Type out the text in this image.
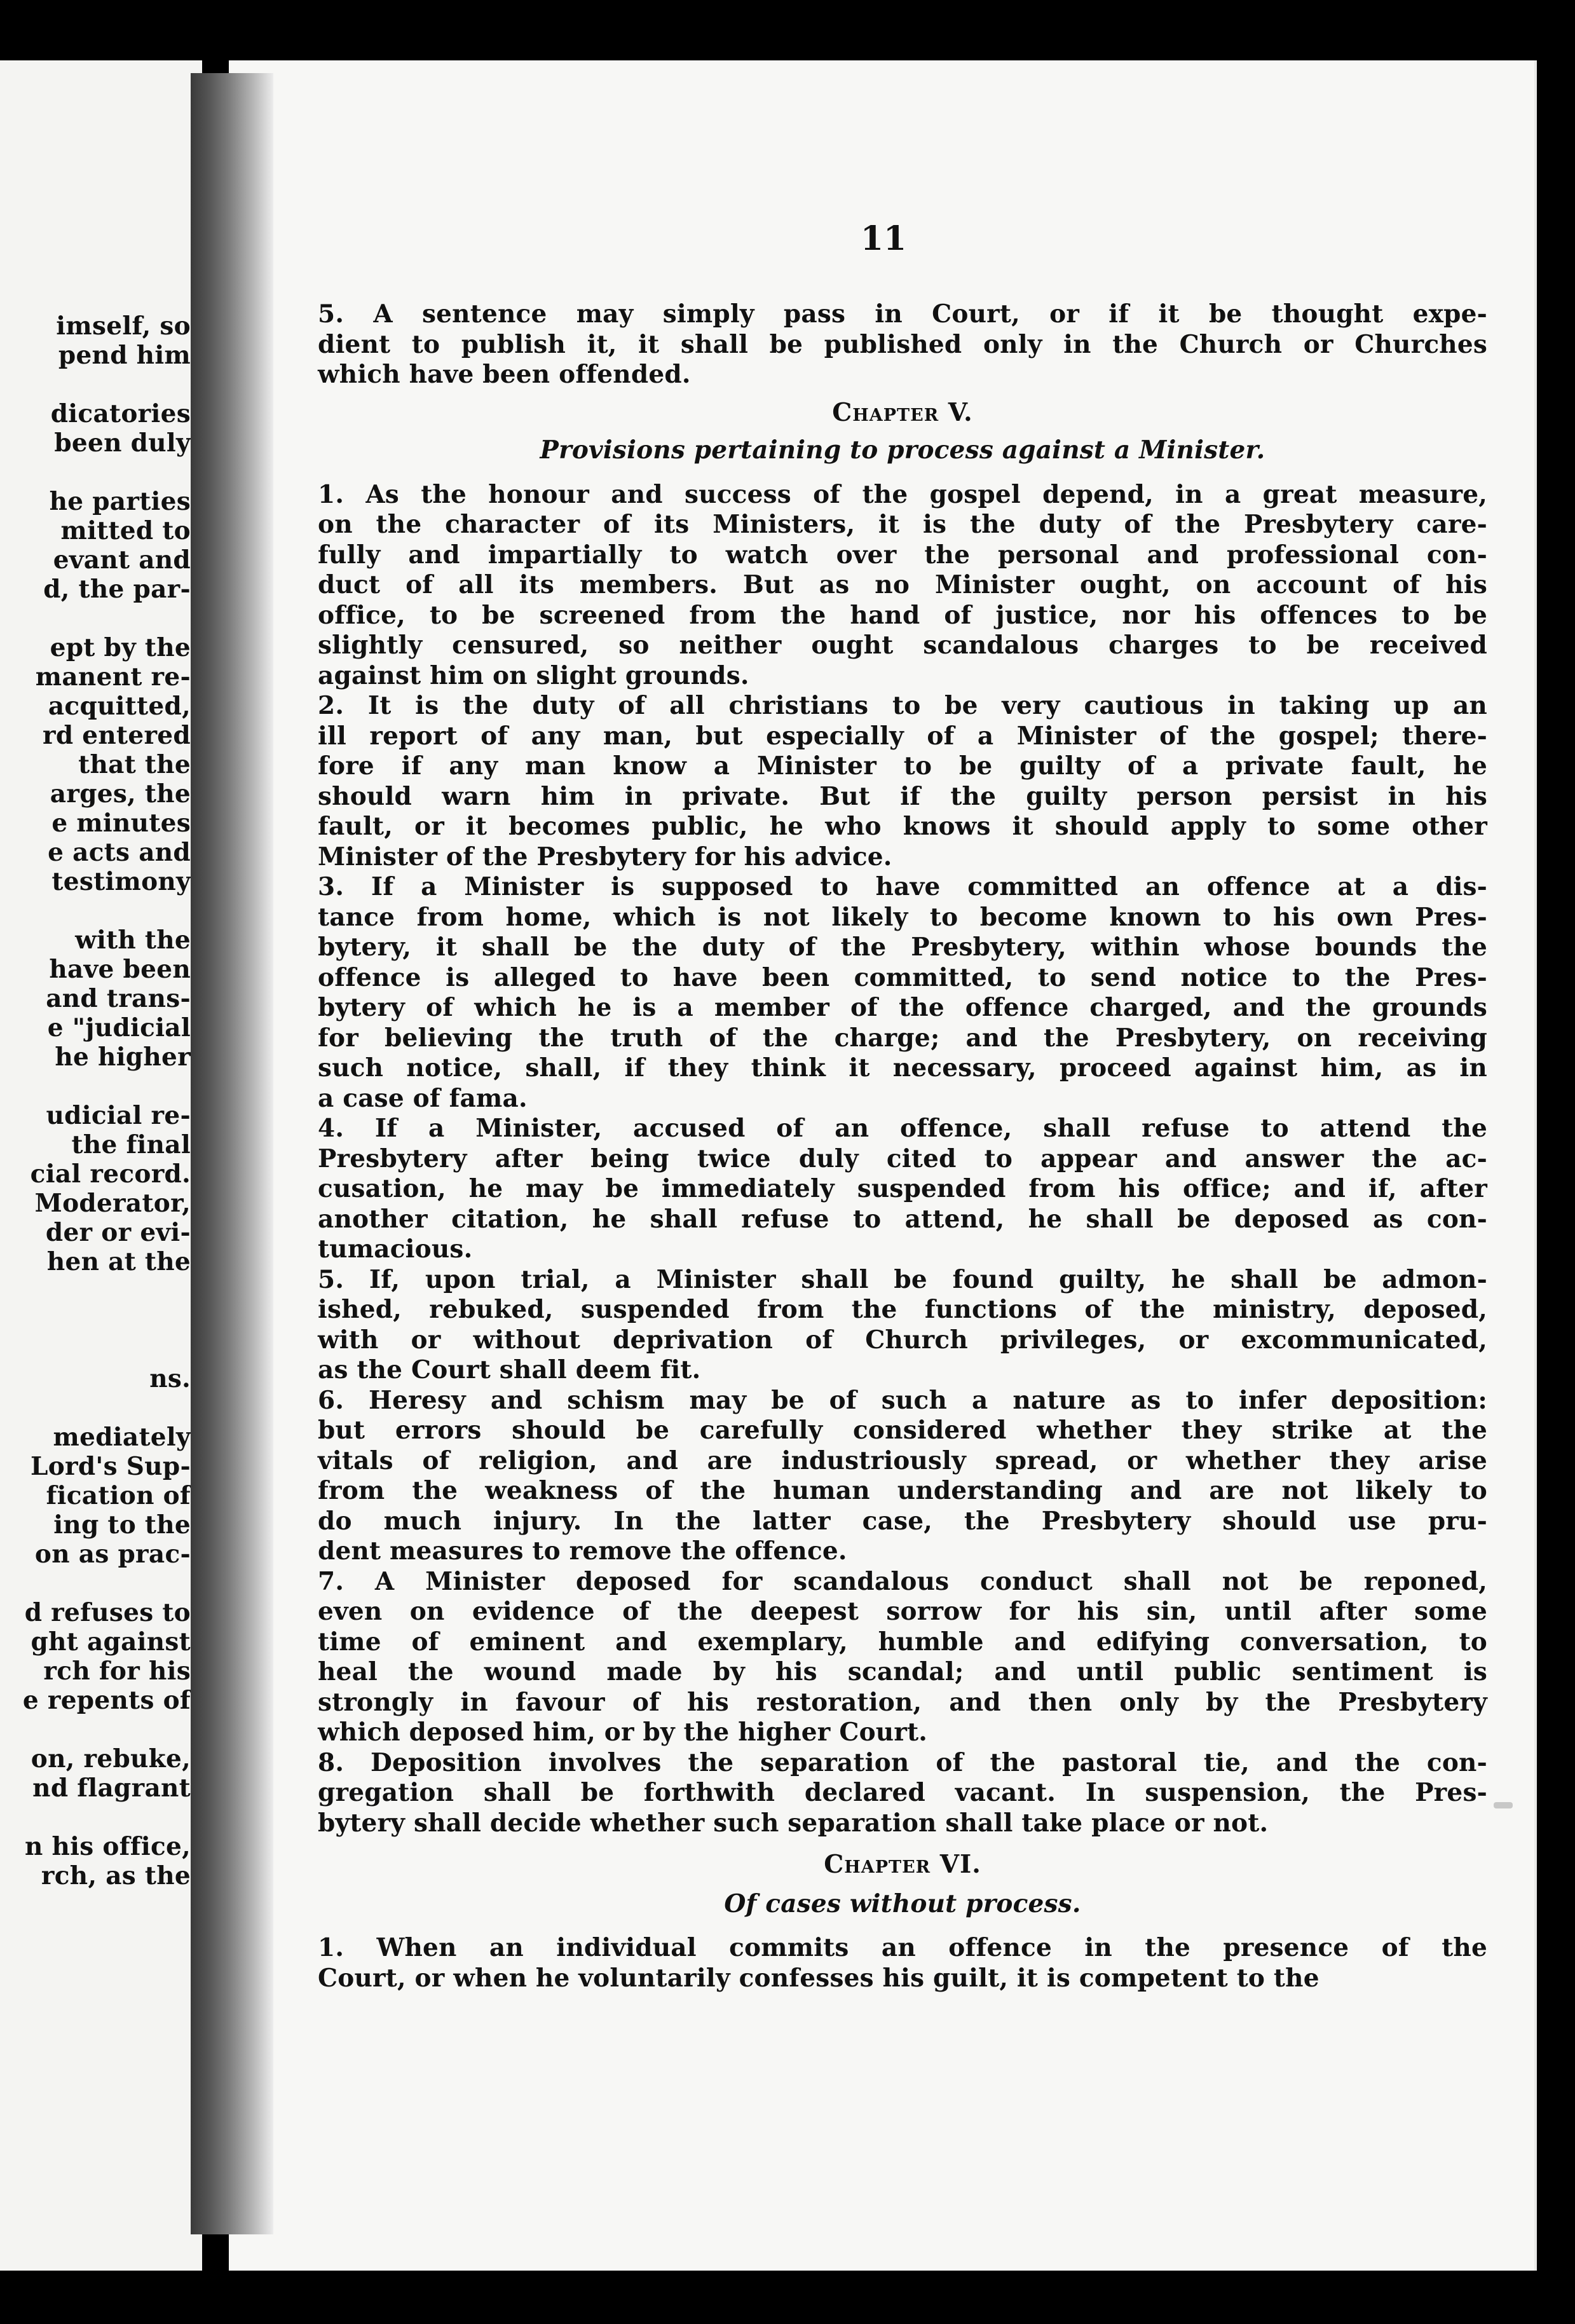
imself, so
pend him
dicatories
been duly
he parties
mitted to
evant and
d, the par-
ept by the
manent re-
acquitted,
rd entered
that the
arges, the
e minutes
e acts and
testimony
with the
have been
and trans-
e "judicial
he higher
udicial re-
the final
cial record.
Moderator,
der or evi-
hen at the
ns.
mediately
Lord's Sup-
fication of
ing to the
on as prac-
d refuses to
ght against
rch for his
e repents of
on, rebuke,
nd flagrant
n his office,
rch, as the
11
5. A sentence may simply pass in Court, or if it be thought expe-
dient to publish it, it shall be published only in the Church or Churches
which have been offended.
Chapter V.
Provisions pertaining to process against a Minister.
1. As the honour and success of the gospel depend, in a great measure,
on the character of its Ministers, it is the duty of the Presbytery care-
fully and impartially to watch over the personal and professional con-
duct of all its members. But as no Minister ought, on account of his
office, to be screened from the hand of justice, nor his offences to be
slightly censured, so neither ought scandalous charges to be received
against him on slight grounds.
2. It is the duty of all christians to be very cautious in taking up an
ill report of any man, but especially of a Minister of the gospel; there-
fore if any man know a Minister to be guilty of a private fault, he
should warn him in private. But if the guilty person persist in his
fault, or it becomes public, he who knows it should apply to some other
Minister of the Presbytery for his advice.
3. If a Minister is supposed to have committed an offence at a dis-
tance from home, which is not likely to become known to his own Pres-
bytery, it shall be the duty of the Presbytery, within whose bounds the
offence is alleged to have been committed, to send notice to the Pres-
bytery of which he is a member of the offence charged, and the grounds
for believing the truth of the charge; and the Presbytery, on receiving
such notice, shall, if they think it necessary, proceed against him, as in
a case of fama.
4. If a Minister, accused of an offence, shall refuse to attend the
Presbytery after being twice duly cited to appear and answer the ac-
cusation, he may be immediately suspended from his office; and if, after
another citation, he shall refuse to attend, he shall be deposed as con-
tumacious.
5. If, upon trial, a Minister shall be found guilty, he shall be admon-
ished, rebuked, suspended from the functions of the ministry, deposed,
with or without deprivation of Church privileges, or excommunicated,
as the Court shall deem fit.
6. Heresy and schism may be of such a nature as to infer deposition:
but errors should be carefully considered whether they strike at the
vitals of religion, and are industriously spread, or whether they arise
from the weakness of the human understanding and are not likely to
do much injury. In the latter case, the Presbytery should use pru-
dent measures to remove the offence.
7. A Minister deposed for scandalous conduct shall not be reponed,
even on evidence of the deepest sorrow for his sin, until after some
time of eminent and exemplary, humble and edifying conversation, to
heal the wound made by his scandal; and until public sentiment is
strongly in favour of his restoration, and then only by the Presbytery
which deposed him, or by the higher Court.
8. Deposition involves the separation of the pastoral tie, and the con-
gregation shall be forthwith declared vacant. In suspension, the Pres-
bytery shall decide whether such separation shall take place or not.
Chapter VI.
Of cases without process.
1. When an individual commits an offence in the presence of the
Court, or when he voluntarily confesses his guilt, it is competent to the
